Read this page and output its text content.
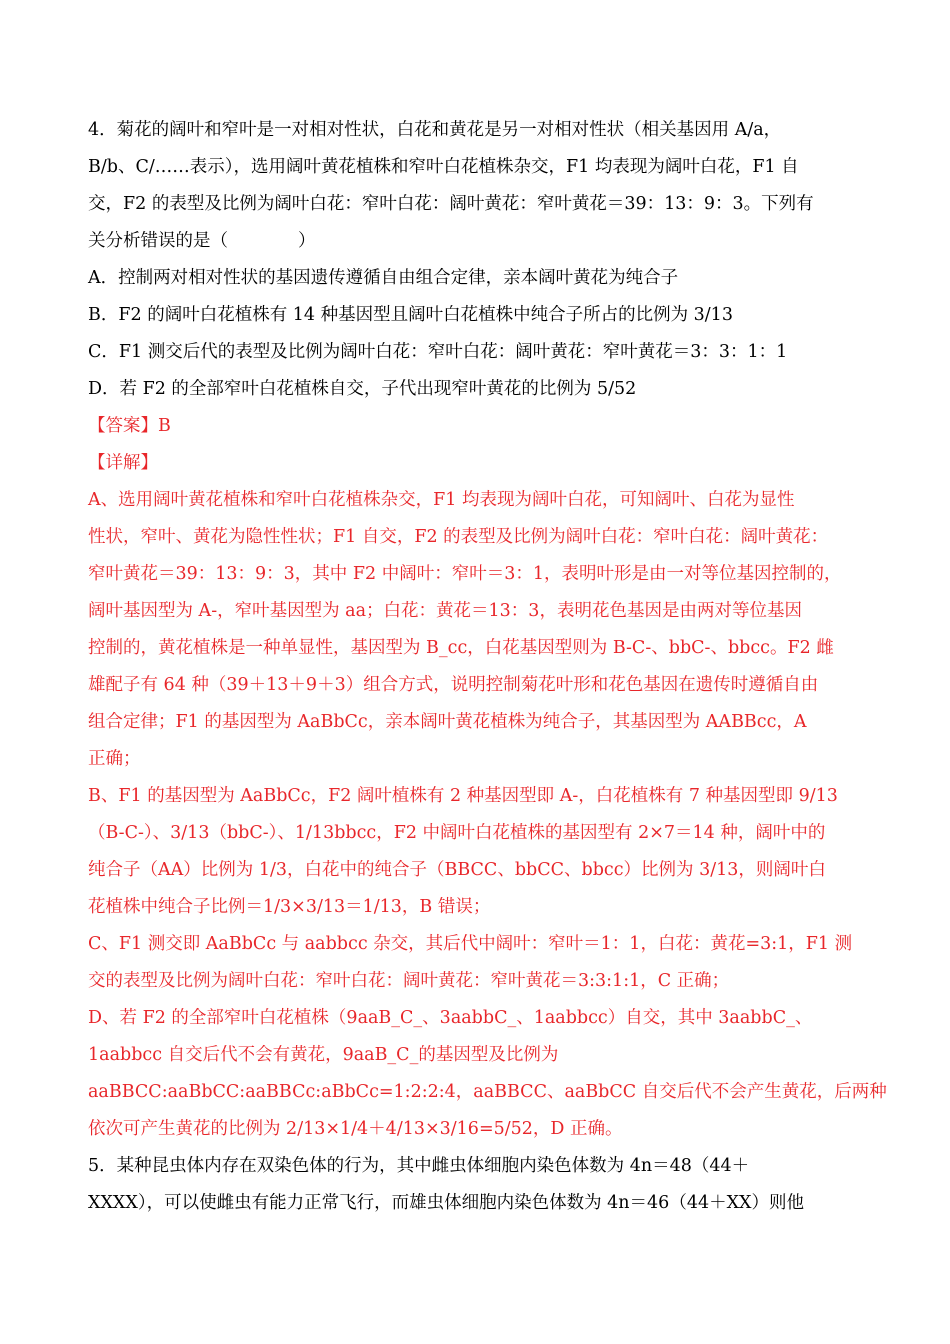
4．菊花的阔叶和窄叶是一对相对性状，白花和黄花是另一对相对性状（相关基因用 A/a，
B/b、C/……表示），选用阔叶黄花植株和窄叶白花植株杂交，F1 均表现为阔叶白花，F1 自
交，F2 的表型及比例为阔叶白花：窄叶白花：阔叶黄花：窄叶黄花＝39：13：9：3。下列有
关分析错误的是（　　　　）
A．控制两对相对性状的基因遗传遵循自由组合定律，亲本阔叶黄花为纯合子
B．F2 的阔叶白花植株有 14 种基因型且阔叶白花植株中纯合子所占的比例为 3/13
C．F1 测交后代的表型及比例为阔叶白花：窄叶白花：阔叶黄花：窄叶黄花＝3：3：1：1
D．若 F2 的全部窄叶白花植株自交，子代出现窄叶黄花的比例为 5/52
【答案】B
【详解】
A、选用阔叶黄花植株和窄叶白花植株杂交，F1 均表现为阔叶白花，可知阔叶、白花为显性
性状，窄叶、黄花为隐性性状；F1 自交，F2 的表型及比例为阔叶白花：窄叶白花：阔叶黄花：
窄叶黄花＝39：13：9：3，其中 F2 中阔叶：窄叶＝3：1，表明叶形是由一对等位基因控制的，
阔叶基因型为 A-，窄叶基因型为 aa；白花：黄花＝13：3，表明花色基因是由两对等位基因
控制的，黄花植株是一种单显性，基因型为 B_cc，白花基因型则为 B-C-、bbC-、bbcc。F2 雌
雄配子有 64 种（39＋13＋9＋3）组合方式，说明控制菊花叶形和花色基因在遗传时遵循自由
组合定律；F1 的基因型为 AaBbCc，亲本阔叶黄花植株为纯合子，其基因型为 AABBcc，A
正确；
B、F1 的基因型为 AaBbCc，F2 阔叶植株有 2 种基因型即 A-，白花植株有 7 种基因型即 9/13
（B-C-）、3/13（bbC-）、1/13bbcc，F2 中阔叶白花植株的基因型有 2×7＝14 种，阔叶中的
纯合子（AA）比例为 1/3，白花中的纯合子（BBCC、bbCC、bbcc）比例为 3/13，则阔叶白
花植株中纯合子比例＝1/3×3/13＝1/13，B 错误；
C、F1 测交即 AaBbCc 与 aabbcc 杂交，其后代中阔叶：窄叶＝1：1，白花：黄花=3:1，F1 测
交的表型及比例为阔叶白花：窄叶白花：阔叶黄花：窄叶黄花＝3:3:1:1，C 正确；
D、若 F2 的全部窄叶白花植株（9aaB_C_、3aabbC_、1aabbcc）自交，其中 3aabbC_、
1aabbcc 自交后代不会有黄花，9aaB_C_的基因型及比例为
aaBBCC:aaBbCC:aaBBCc:aBbCc=1:2:2:4，aaBBCC、aaBbCC 自交后代不会产生黄花，后两种
依次可产生黄花的比例为 2/13×1/4＋4/13×3/16=5/52，D 正确。
5．某种昆虫体内存在双染色体的行为，其中雌虫体细胞内染色体数为 4n＝48（44＋
XXXX），可以使雌虫有能力正常飞行，而雄虫体细胞内染色体数为 4n＝46（44＋XX）则他
